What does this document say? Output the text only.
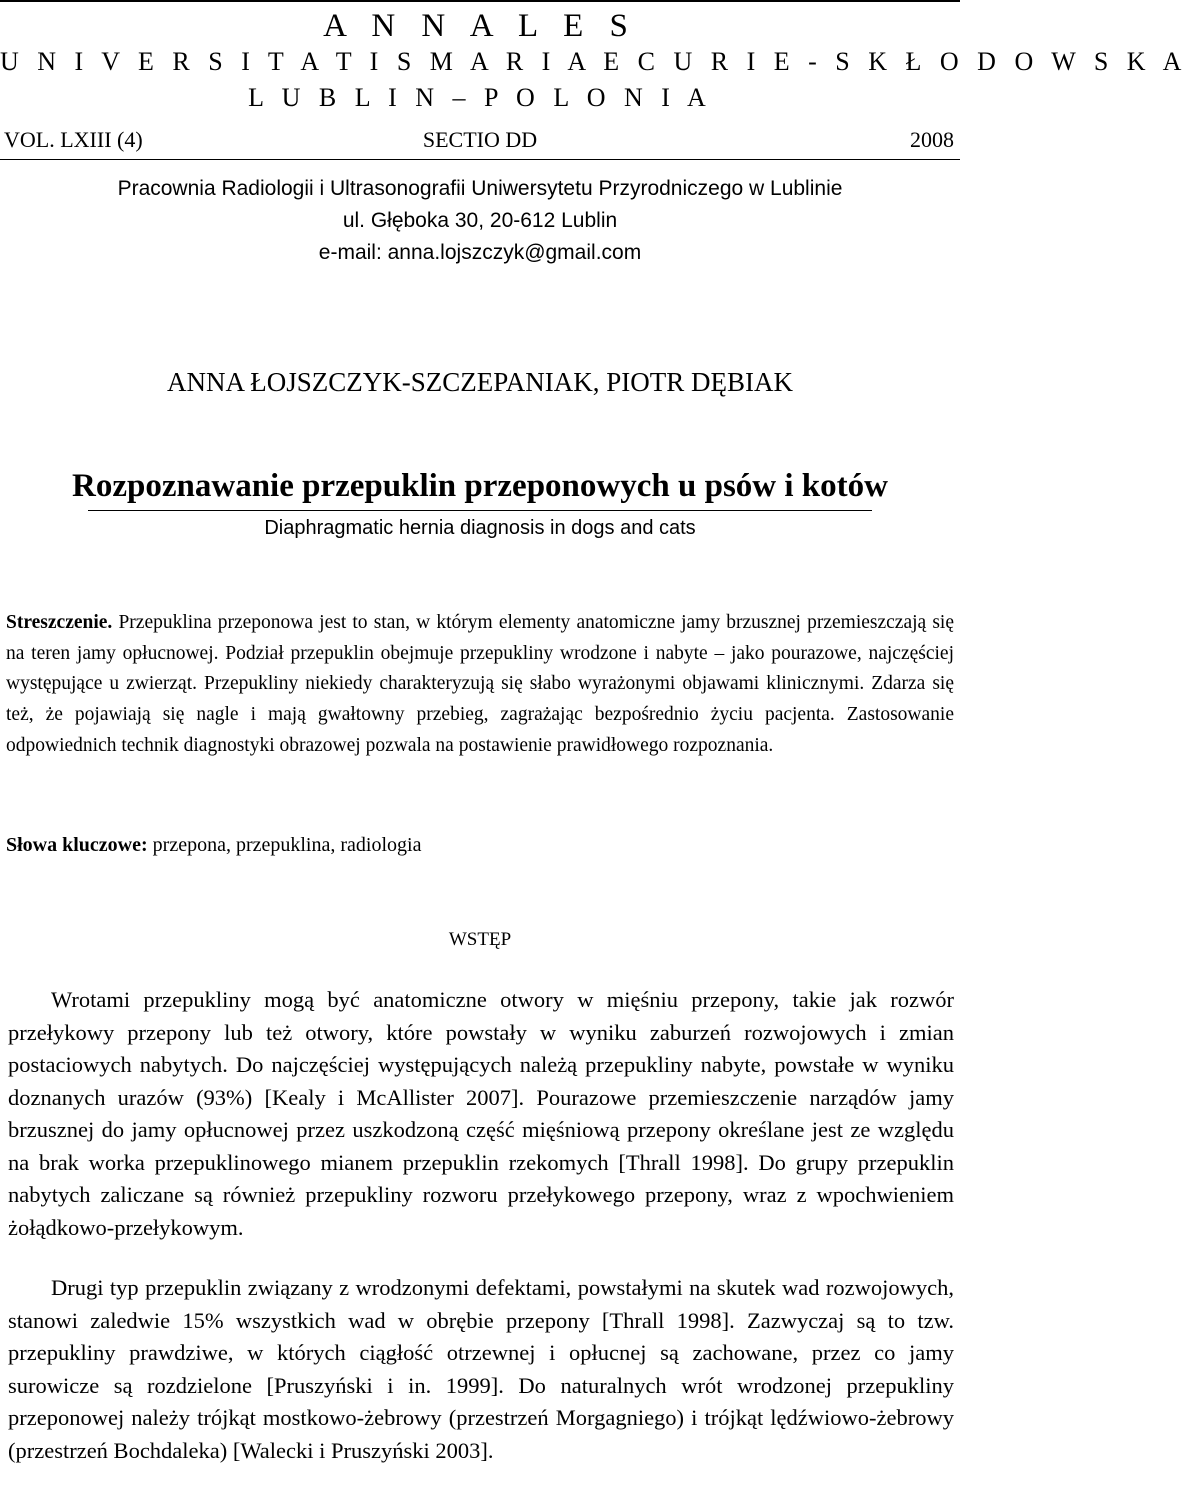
A N N A L E S
U N I V E R S I T A T I S M A R I A E C U R I E - S K Ł O D O W S K A
L U B L I N – P O L O N I A
VOL. LXIII (4)	SECTIO DD	2008
Pracownia Radiologii i Ultrasonografii Uniwersytetu Przyrodniczego w Lublinie
ul. Głęboka 30, 20-612 Lublin
e-mail: anna.lojszczyk@gmail.com
ANNA ŁOJSZCZYK-SZCZEPANIAK, PIOTR DĘBIAK
Rozpoznawanie przepuklin przeponowych u psów i kotów
Diaphragmatic hernia diagnosis in dogs and cats
Streszczenie. Przepuklina przeponowa jest to stan, w którym elementy anatomiczne jamy brzusznej przemieszczają się na teren jamy opłucnowej. Podział przepuklin obejmuje przepukliny wrodzone i nabyte – jako pourazowe, najczęściej występujące u zwierząt. Przepukliny niekiedy charakteryzują się słabo wyrażonymi objawami klinicznymi. Zdarza się też, że pojawiają się nagle i mają gwałtowny przebieg, zagrażając bezpośrednio życiu pacjenta. Zastosowanie odpowiednich technik diagnostyki obrazowej pozwala na postawienie prawidłowego rozpoznania.
Słowa kluczowe: przepona, przepuklina, radiologia
WSTĘP

Wrotami przepukliny mogą być anatomiczne otwory w mięśniu przepony, takie jak rozwór przełykowy przepony lub też otwory, które powstały w wyniku zaburzeń rozwojowych i zmian postaciowych nabytych. Do najczęściej występujących należą przepukliny nabyte, powstałe w wyniku doznanych urazów (93%) [Kealy i McAllister 2007]. Pourazowe przemieszczenie narządów jamy brzusznej do jamy opłucnowej przez uszkodzoną część mięśniową przepony określane jest ze względu na brak worka przepuklinowego mianem przepuklin rzekomych [Thrall 1998]. Do grupy przepuklin nabytych zaliczane są również przepukliny rozworu przełykowego przepony, wraz z wpochwieniem żołądkowo-przełykowym.

Drugi typ przepuklin związany z wrodzonymi defektami, powstałymi na skutek wad rozwojowych, stanowi zaledwie 15% wszystkich wad w obrębie przepony [Thrall 1998]. Zazwyczaj są to tzw. przepukliny prawdziwe, w których ciągłość otrzewnej i opłucnej są zachowane, przez co jamy surowicze są rozdzielone [Pruszyński i in. 1999]. Do naturalnych wrót wrodzonej przepukliny przeponowej należy trójkąt mostkowo-żebrowy (przestrzeń Morgagniego) i trójkąt lędźwiowo-żebrowy (przestrzeń Bochdaleka) [Walecki i Pruszyński 2003].
